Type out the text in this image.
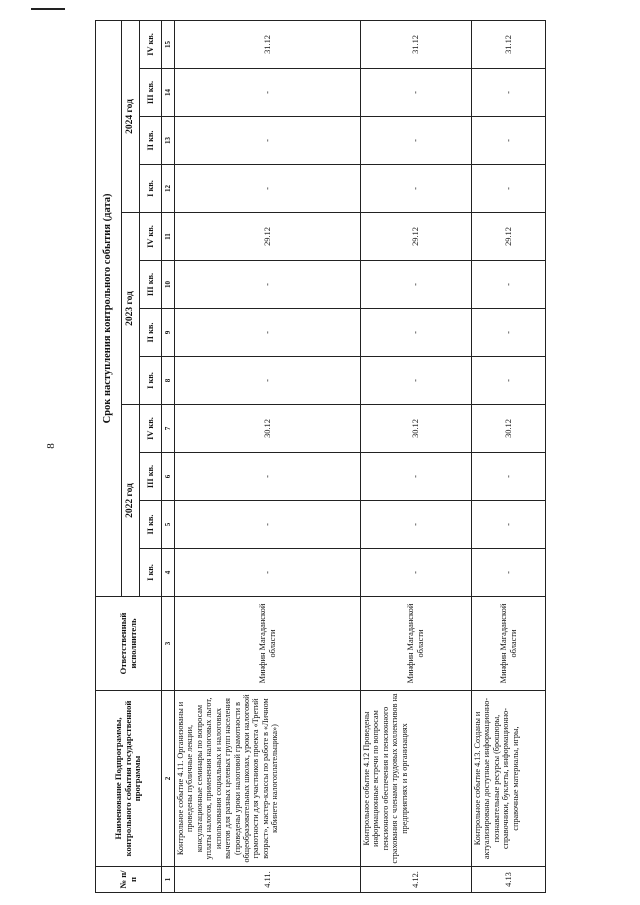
8
№ п/п	Наименование Подпрограммы, контрольного события государственной программы	Ответственный исполнитель	Срок наступления контрольного события (дата)											
			2022 год				2023 год				2024 год			
			I кв.	II кв.	III кв.	IV кв.	I кв.	II кв.	III кв.	IV кв.	I кв.	II кв.	III кв.	IV кв.
1	2	3	4	5	6	7	8	9	10	11	12	13	14	15
4.11.	Контрольное событие 4.11. Организованы и проведены публичные лекции, консультационные семинары по вопросам уплаты налогов, применения налоговых льгот, использования социальных и налоговых вычетов для разных целевых групп населения (проведены уроки налоговой грамотности в общеобразовательных школах, уроки налоговой грамотности для участников проекта «Третий возраст», мастер-классы по работе в «Личном кабинете налогоплательщика»)	Минфин Магаданской области	-	-	-	30.12	-	-	-	29.12	-	-	-	31.12
4.12.	Контрольное событие 4.12 Проведены информационные встречи по вопросам пенсионного обеспечения и пенсионного страхования с членами трудовых коллективов на предприятиях и в организациях	Минфин Магаданской области	-	-	-	30.12	-	-	-	29.12	-	-	-	31.12
4.13	Контрольное событие 4.13. Созданы и актуализированы доступные информационно-познавательные ресурсы (брошюры, справочники, буклеты, информационно-справочные материалы, игры,	Минфин Магаданской области	-	-	-	30.12	-	-	-	29.12	-	-	-	31.12
